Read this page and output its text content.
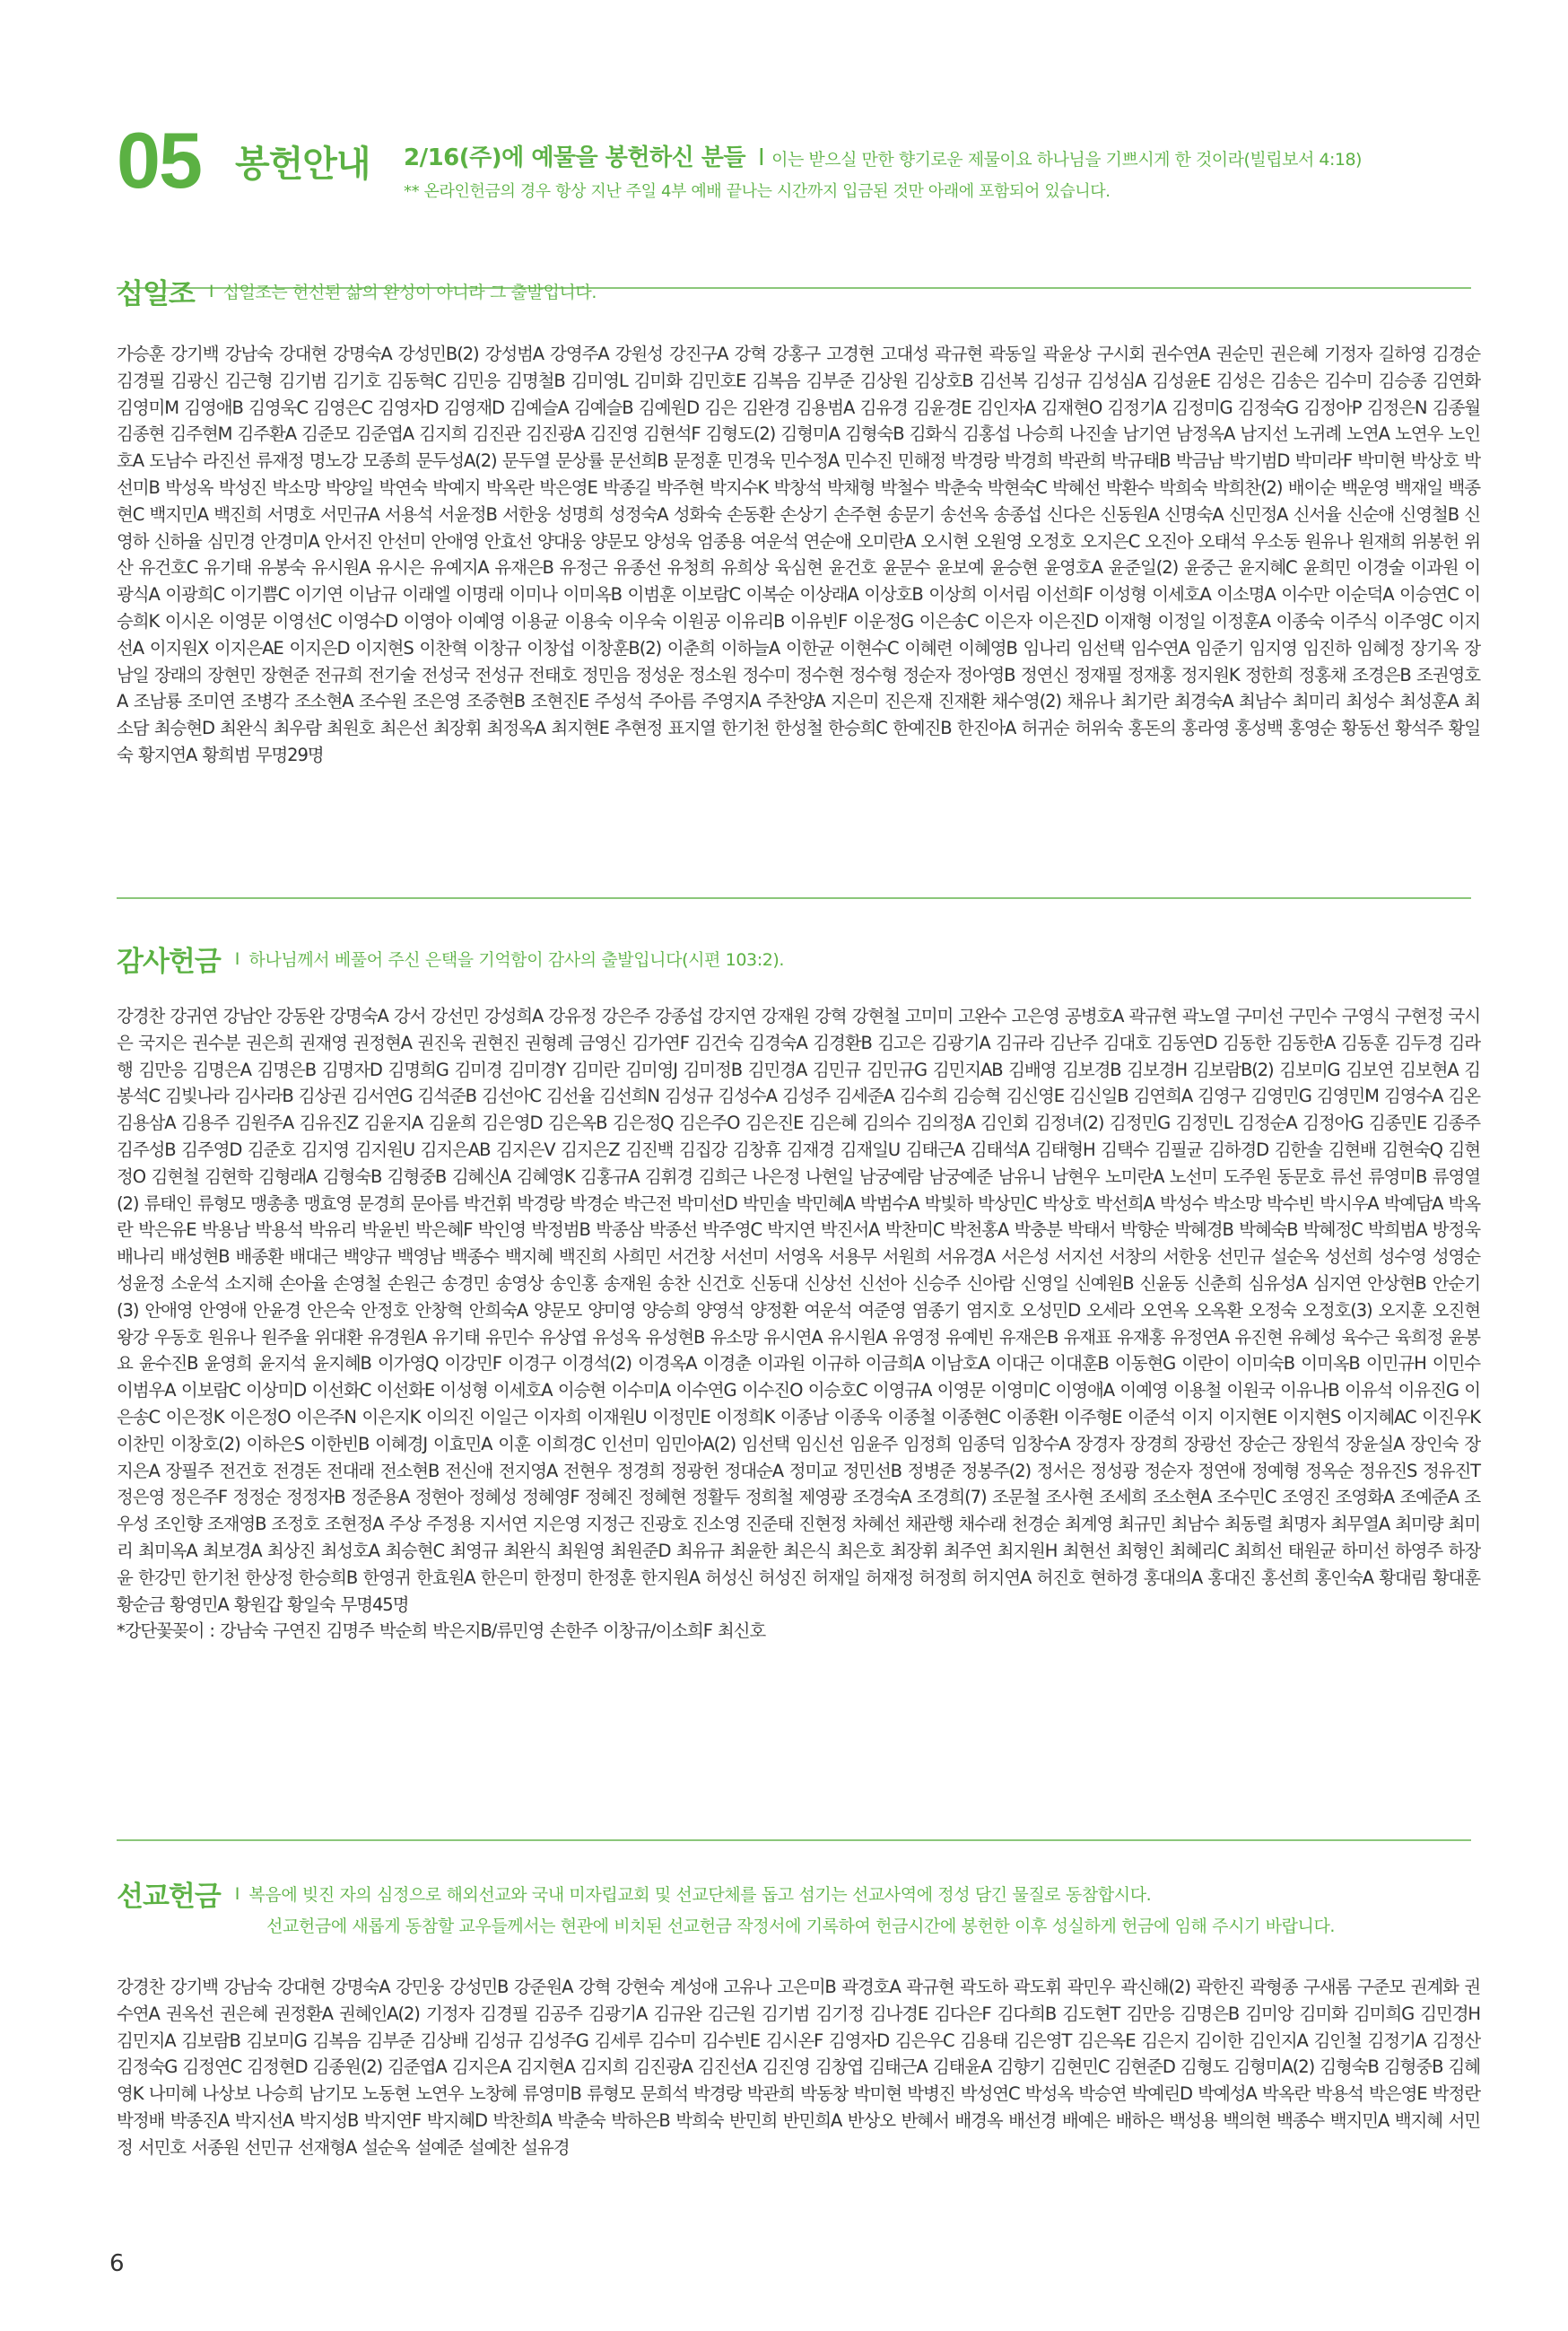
05 봉헌안내 2/16(주)에 예물을 봉헌하신 분들 I 이는 받으실 만한 향기로운 제물이요 하나님을 기쁘시게 한 것이라(빌립보서 4:18)
** 온라인헌금의 경우 항상 지난 주일 4부 예배 끝나는 시간까지 입금된 것만 아래에 포함되어 있습니다.
십일조 I 십일조는 헌신된 삶의 완성이 아니라 그 출발입니다.
가승훈 강기백 강남숙 강대현 강명숙A 강성민B(2) 강성범A 강영주A 강원성 강진구A 강혁 강홍구 고경현 고대성 곽규현 곽동일 곽윤상 구시회 권수연A 권순민 권은혜 기정자 길하영 김경순 김경필 김광신 김근형 김기범 김기호 김동혁C 김민응 김명철B 김미영L 김미화 김민호E 김복음 김부준 김상원 김상호B 김선복 김성규 김성심A 김성윤E 김성은 김송은 김수미 김승종 김연화 김영미M 김영애B 김영욱C 김영은C 김영자D 김영재D 김예슬A 김예슬B 김예원D 김은 김완경 김용범A 김유경 김윤경E 김인자A 김재현O 김정기A 김정미G 김정숙G 김정아P 김정은N 김종월 김종현 김주현M 김주환A 김준모 김준엽A 김지희 김진관 김진광A 김진영 김현석F 김형도(2) 김형미A 김형숙B 김화식 김홍섭 나승희 나진솔 남기연 남정옥A 남지선 노귀례 노연A 노연우 노인호A 도남수 라진선 류재정 명노강 모종희 문두성A(2) 문두열 문상률 문선희B 문정훈 민경욱 민수정A 민수진 민해정 박경랑 박경희 박관희 박규태B 박금남 박기범D 박미라F 박미현 박상호 박선미B 박성옥 박성진 박소망 박양일 박연숙 박예지 박옥란 박은영E 박종길 박주현 박지수K 박창석 박채형 박철수 박춘숙 박현숙C 박혜선 박환수 박희숙 박희찬(2) 배이순 백운영 백재일 백종현C 백지민A 백진희 서명호 서민규A 서용석 서윤정B 서한웅 성명희 성정숙A 성화숙 손동환 손상기 손주현 송문기 송선옥 송종섭 신다은 신동원A 신명숙A 신민정A 신서율 신순애 신영철B 신영하 신하율 심민경 안경미A 안서진 안선미 안애영 안효선 양대웅 양문모 양성욱 엄종용 여운석 연순애 오미란A 오시현 오원영 오정호 오지은C 오진아 오태석 우소동 원유나 원재희 위봉헌 위산 유건호C 유기태 유봉숙 유시원A 유시은 유예지A 유재은B 유정근 유종선 유청희 유희상 육심현 윤건호 윤문수 윤보예 윤승현 윤영호A 윤준일(2) 윤중근 윤지혜C 윤희민 이경술 이과원 이광식A 이광희C 이기쁨C 이기연 이남규 이래엘 이명래 이미나 이미옥B 이범훈 이보람C 이복순 이상래A 이상호B 이상희 이서림 이선희F 이성형 이세호A 이소명A 이수만 이순덕A 이승연C 이승희K 이시온 이영문 이영선C 이영수D 이영아 이예영 이용균 이용숙 이우숙 이원공 이유리B 이유빈F 이운정G 이은송C 이은자 이은진D 이재형 이정일 이정훈A 이종숙 이주식 이주영C 이지선A 이지원X 이지은AE 이지은D 이지현S 이찬혁 이창규 이창섭 이창훈B(2) 이춘희 이하늘A 이한균 이현수C 이혜련 이혜영B 임나리 임선택 임수연A 임준기 임지영 임진하 임혜정 장기옥 장남일 장래의 장현민 장현준 전규희 전기술 전성국 전성규 전태호 정민음 정성운 정소원 정수미 정수현 정수형 정순자 정아영B 정연신 정재필 정재홍 정지원K 정한희 정홍채 조경은B 조권영호A 조남룡 조미연 조병각 조소현A 조수원 조은영 조중현B 조현진E 주성석 주아름 주영지A 주찬양A 지은미 진은재 진재환 채수영(2) 채유나 최기란 최경숙A 최남수 최미리 최성수 최성훈A 최소담 최승현D 최완식 최우람 최원호 최은선 최장휘 최정옥A 최지현E 추현정 표지열 한기천 한성철 한승희C 한예진B 한진아A 허귀순 허위숙 홍돈의 홍라영 홍성백 홍영순 황동선 황석주 황일숙 황지연A 황희범 무명29명
감사헌금 I 하나님께서 베풀어 주신 은택을 기억함이 감사의 출발입니다(시편 103:2).
강경찬 강귀연 강남안 강동완 강명숙A 강서 강선민 강성희A 강유정 강은주 강종섭 강지연 강재원 강혁 강현철 고미미 고완수 고은영 공병호A 곽규현 곽노열 구미선 구민수 구영식 구현정 국시은 국지은 권수분 권은희 권재영 권정현A 권진욱 권현진 권형례 금영신 김가연F 김건숙 김경숙A 김경환B 김고은 김광기A 김규라 김난주 김대호 김동연D 김동한 김동한A 김동훈 김두경 김라행 김만응 김명은A 김명은B 김명자D 김명희G 김미경 김미경Y 김미란 김미영J 김미정B 김민경A 김민규 김민규G 김민지AB 김배영 김보경B 김보경H 김보람B(2) 김보미G 김보연 김보현A 김봉석C 김빛나라 김사라B 김상권 김서연G 김석준B 김선아C 김선율 김선희N 김성규 김성수A 김성주 김세준A 김수희 김승혁 김신영E 김신일B 김연희A 김영구 김영민G 김영민M 김영수A 김온 김용삼A 김용주 김원주A 김유진Z 김윤지A 김윤희 김은영D 김은옥B 김은정Q 김은주O 김은진E 김은혜 김의수 김의정A 김인회 김정녀(2) 김정민G 김정민L 김정순A 김정아G 김종민E 김종주 김주성B 김주영D 김준호 김지영 김지원U 김지은AB 김지은V 김지은Z 김진백 김집강 김창휴 김재경 김재일U 김태근A 김태석A 김태형H 김택수 김필균 김하경D 김한솔 김현배 김현숙Q 김현정O 김현철 김현학 김형래A 김형숙B 김형중B 김혜신A 김혜영K 김홍규A 김휘경 김희근 나은정 나현일 남궁예람 남궁예준 남유니 남현우 노미란A 노선미 도주원 동문호 류선 류영미B 류영열(2) 류태인 류형모 맹총총 맹효영 문경희 문아름 박건휘 박경랑 박경순 박근전 박미선D 박민솔 박민혜A 박범수A 박빛하 박상민C 박상호 박선희A 박성수 박소망 박수빈 박시우A 박예담A 박옥란 박은유E 박용남 박용석 박유리 박윤빈 박은혜F 박인영 박정범B 박종삼 박종선 박주영C 박지연 박진서A 박찬미C 박천홍A 박충분 박태서 박향순 박혜경B 박혜숙B 박혜정C 박희범A 방정욱 배나리 배성현B 배종환 배대근 백양규 백영남 백종수 백지혜 백진희 사희민 서건창 서선미 서영옥 서용무 서원희 서유경A 서은성 서지선 서창의 서한웅 선민규 설순옥 성선희 성수영 성영순 성윤정 소운석 소지해 손아율 손영철 손원근 송경민 송영상 송인홍 송재원 송찬 신건호 신동대 신상선 신선아 신승주 신아람 신영일 신예원B 신윤동 신춘희 심유성A 심지연 안상현B 안순기(3) 안애영 안영애 안윤경 안은숙 안정호 안창혁 안희숙A 양문모 양미영 양승희 양영석 양정환 여운석 여준영 염종기 염지호 오성민D 오세라 오연옥 오옥환 오정숙 오정호(3) 오지훈 오진현 왕강 우동호 원유나 원주율 위대환 유경원A 유기태 유민수 유상엽 유성옥 유성현B 유소망 유시연A 유시원A 유영정 유예빈 유재은B 유재표 유재홍 유정연A 유진현 유혜성 육수근 육희정 윤봉요 윤수진B 윤영희 윤지석 윤지혜B 이가영Q 이강민F 이경구 이경석(2) 이경옥A 이경춘 이과원 이규하 이금희A 이남호A 이대근 이대훈B 이동현G 이란이 이미숙B 이미옥B 이민규H 이민수 이범우A 이보람C 이상미D 이선화C 이선화E 이성형 이세호A 이승현 이수미A 이수연G 이수진O 이승호C 이영규A 이영문 이영미C 이영애A 이예영 이용철 이원국 이유나B 이유석 이유진G 이은송C 이은정K 이은정O 이은주N 이은지K 이의진 이일근 이자희 이재원U 이정민E 이정희K 이종남 이종욱 이종철 이종현C 이종환I 이주형E 이준석 이지 이지현E 이지현S 이지혜AC 이진우K 이찬민 이창호(2) 이하은S 이한빈B 이혜경J 이효민A 이훈 이희경C 인선미 임민아A(2) 임선택 임신선 임윤주 임정희 임종덕 임창수A 장경자 장경희 장광선 장순근 장원석 장윤실A 장인숙 장지은A 장필주 전건호 전경돈 전대래 전소현B 전신애 전지영A 전현우 정경희 정광헌 정대순A 정미교 정민선B 정병준 정봉주(2) 정서은 정성광 정순자 정연애 정예형 정옥순 정유진S 정유진T 정은영 정은주F 정정순 정정자B 정준용A 정현아 정혜성 정혜영F 정혜진 정혜현 정활두 정희철 제영광 조경숙A 조경희(7) 조문철 조사현 조세희 조소현A 조수민C 조영진 조영화A 조예준A 조우성 조인향 조재영B 조정호 조현정A 주상 주정용 지서연 지은영 지정근 진광호 진소영 진준태 진현정 차혜선 채관행 채수래 천경순 최계영 최규민 최남수 최동렬 최명자 최무열A 최미량 최미리 최미옥A 최보경A 최상진 최성호A 최승현C 최영규 최완식 최원영 최원준D 최유규 최윤한 최은식 최은호 최장휘 최주연 최지원H 최현선 최형인 최혜리C 최희선 태원균 하미선 하영주 하장윤 한강민 한기천 한상정 한승희B 한영귀 한효원A 한은미 한정미 한정훈 한지원A 허성신 허성진 허재일 허재정 허정희 허지연A 허진호 현하경 홍대의A 홍대진 홍선희 홍인숙A 황대림 황대훈 황순금 황영민A 황원갑 황일숙 무명45명
*강단꽃꽂이 : 강남숙 구연진 김명주 박순희 박은지B/류민영 손한주 이창규/이소희F 최신호
선교헌금 I 복음에 빚진 자의 심정으로 해외선교와 국내 미자립교회 및 선교단체를 돕고 섬기는 선교사역에 정성 담긴 물질로 동참합시다.
선교헌금에 새롭게 동참할 교우들께서는 현관에 비치된 선교헌금 작정서에 기록하여 헌금시간에 봉헌한 이후 성실하게 헌금에 임해 주시기 바랍니다.
강경찬 강기백 강남숙 강대현 강명숙A 강민웅 강성민B 강준원A 강혁 강현숙 계성애 고유나 고은미B 곽경호A 곽규현 곽도하 곽도휘 곽민우 곽신해(2) 곽한진 곽형종 구새롬 구준모 권계화 권수연A 권옥선 권은혜 권정환A 권혜인A(2) 기정자 김경필 김공주 김광기A 김규완 김근원 김기범 김기정 김나경E 김다은F 김다희B 김도현T 김만응 김명은B 김미앙 김미화 김미희G 김민경H 김민지A 김보람B 김보미G 김복음 김부준 김상배 김성규 김성주G 김세루 김수미 김수빈E 김시온F 김영자D 김은우C 김용태 김은영T 김은옥E 김은지 김이한 김인지A 김인철 김정기A 김정산 김정숙G 김정연C 김정현D 김종원(2) 김준엽A 김지은A 김지현A 김지희 김진광A 김진선A 김진영 김창엽 김태근A 김태윤A 김향기 김현민C 김현준D 김형도 김형미A(2) 김형숙B 김형중B 김혜영K 나미혜 나상보 나승희 남기모 노동현 노연우 노창혜 류영미B 류형모 문희석 박경랑 박관희 박동창 박미현 박병진 박성연C 박성옥 박승연 박예린D 박예성A 박옥란 박용석 박은영E 박정란 박정배 박종진A 박지선A 박지성B 박지연F 박지혜D 박찬희A 박춘숙 박하은B 박희숙 반민희 반민희A 반상오 반혜서 배경옥 배선경 배예은 배하은 백성용 백의현 백종수 백지민A 백지혜 서민정 서민호 서종원 선민규 선재형A 설순옥 설예준 설예찬 설유경
6
